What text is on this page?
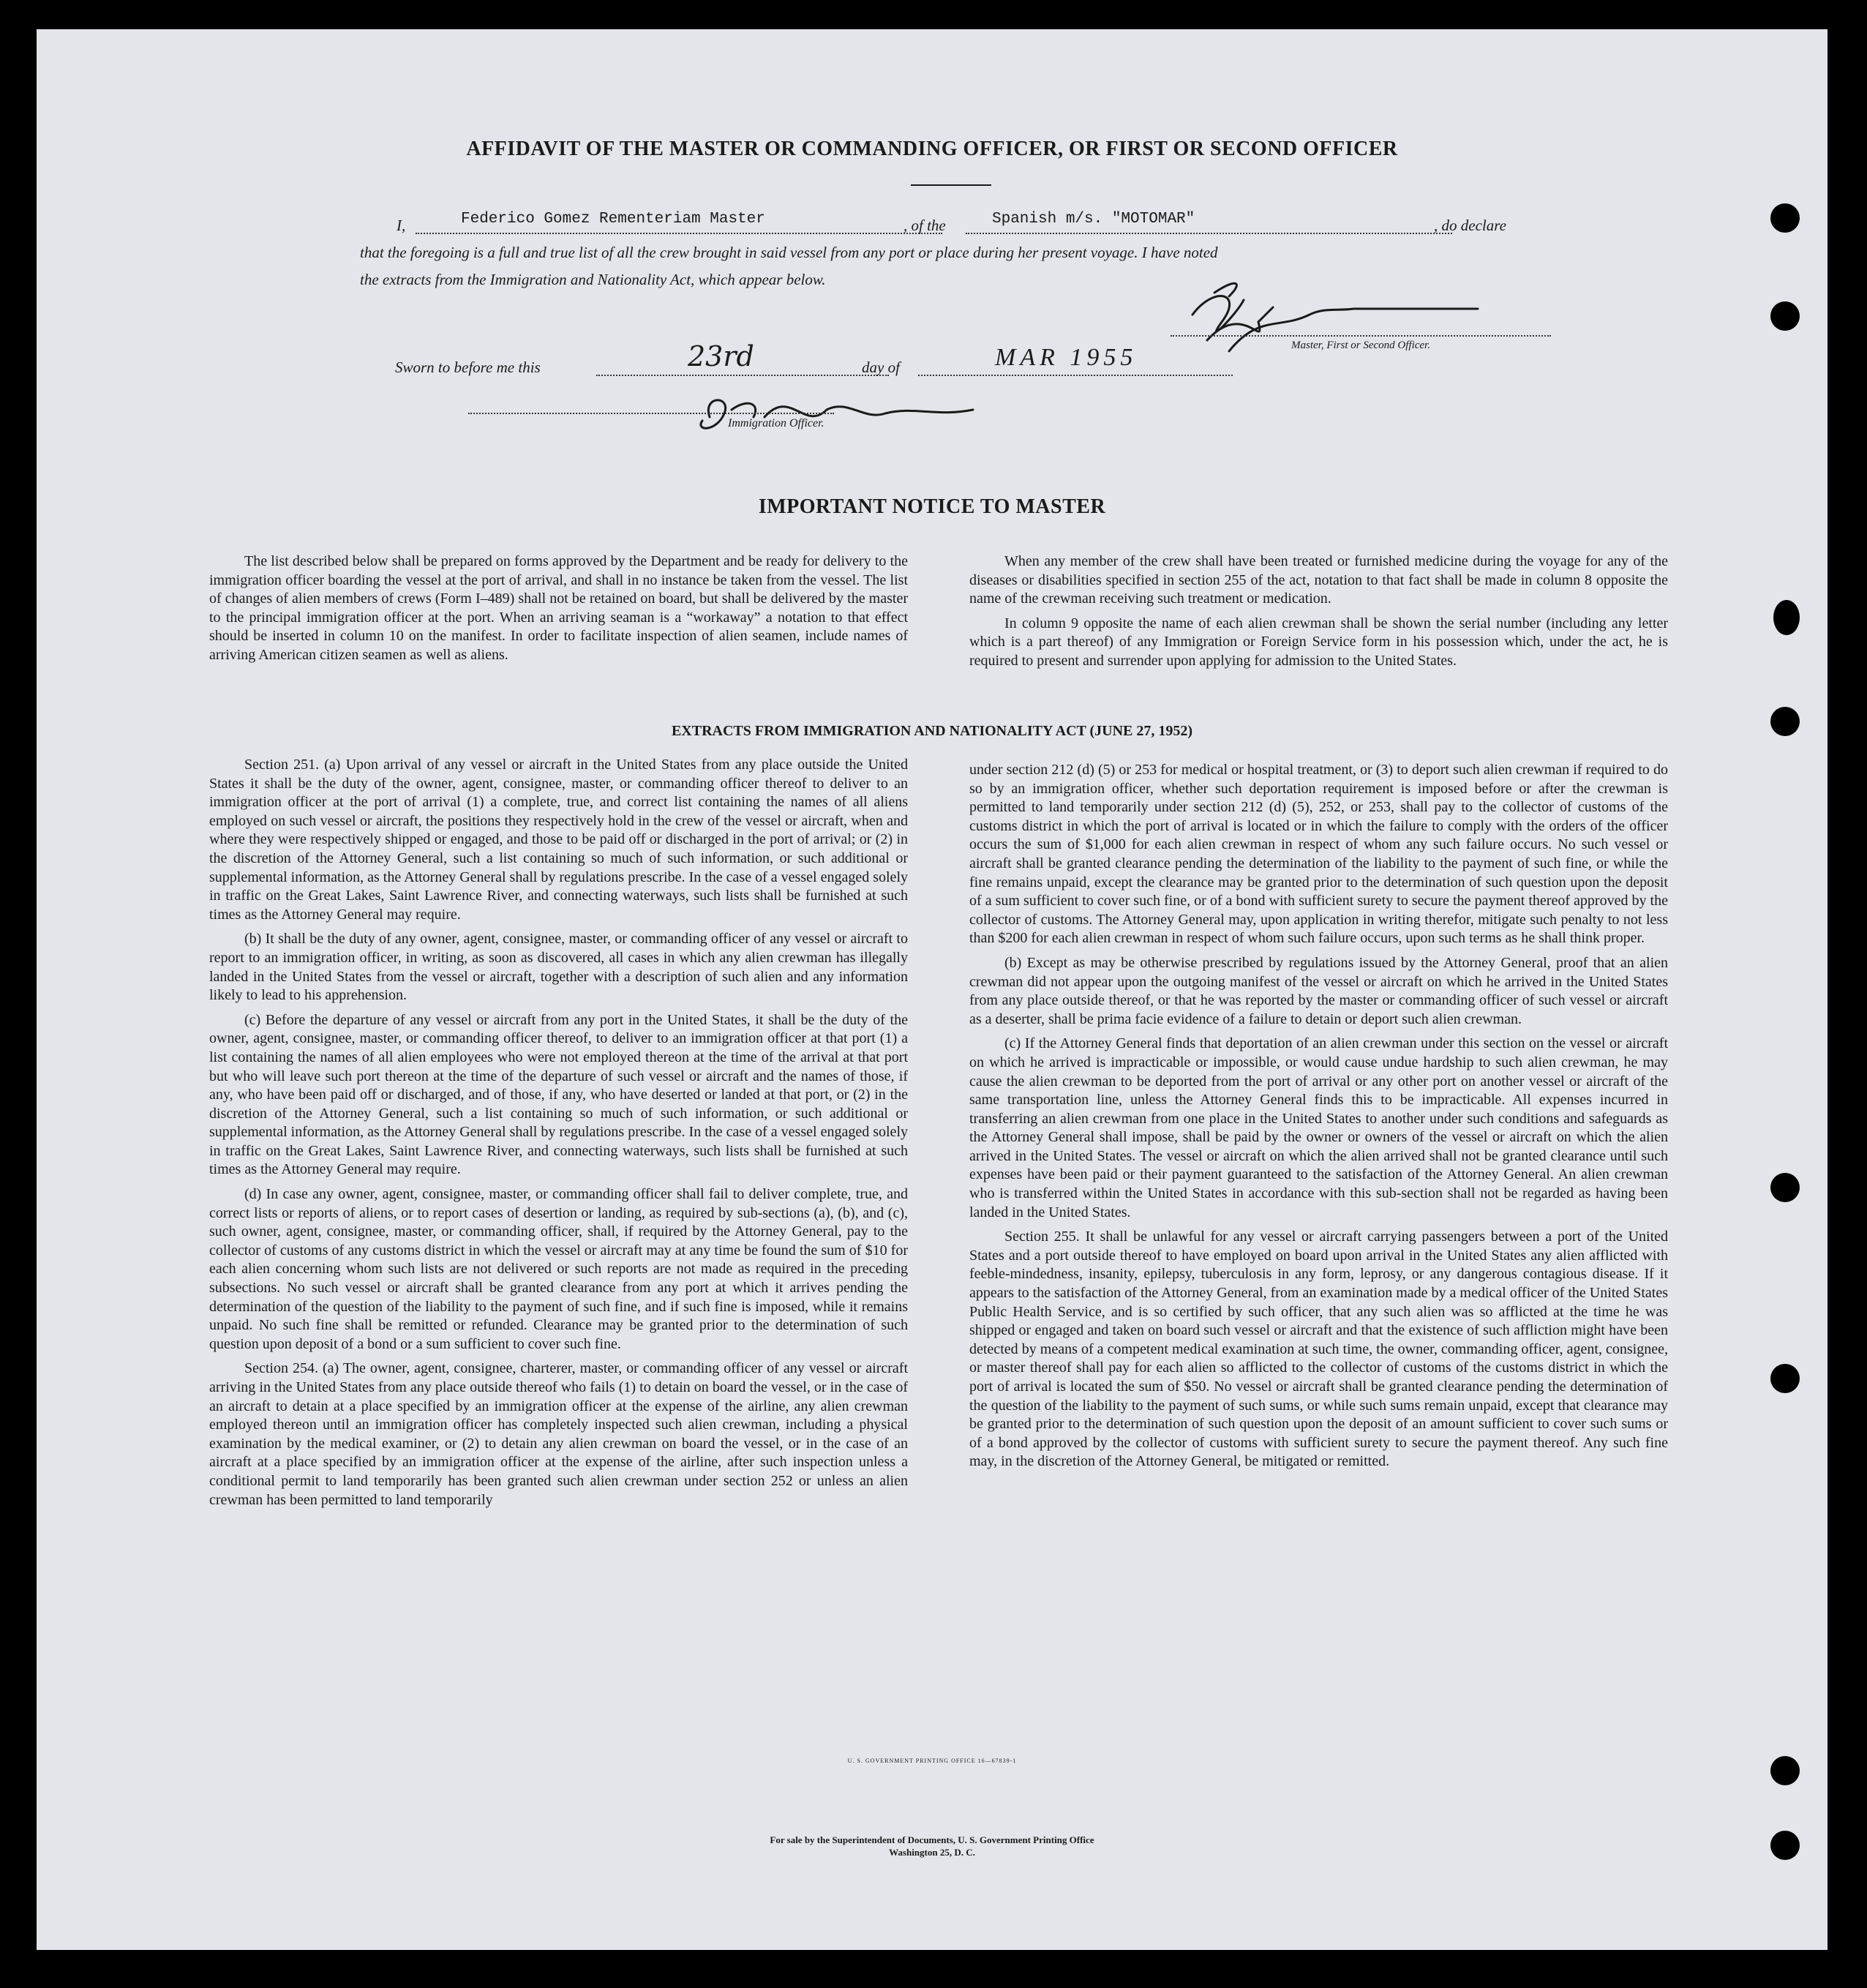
AFFIDAVIT OF THE MASTER OR COMMANDING OFFICER, OR FIRST OR SECOND OFFICER
I,	Federico Gomez Rementeriam Master	, of the	Spanish m/s. "MOTOMAR"	, do declare
that the foregoing is a full and true list of all the crew brought in said vessel from any port or place during her present voyage. I have noted
the extracts from the Immigration and Nationality Act, which appear below.
Master, First or Second Officer.
Sworn to before me this	23rd	day of	MAR 1955
Immigration Officer.
IMPORTANT NOTICE TO MASTER

The list described below shall be prepared on forms approved by the Department and be ready for delivery to the immigration officer boarding the vessel at the port of arrival, and shall in no instance be taken from the vessel. The list of changes of alien members of crews (Form I–489) shall not be retained on board, but shall be delivered by the master to the principal immigration officer at the port. When an arriving seaman is a “workaway” a notation to that effect should be inserted in column 10 on the manifest. In order to facilitate inspection of alien seamen, include names of arriving American citizen seamen as well as aliens.

When any member of the crew shall have been treated or furnished medicine during the voyage for any of the diseases or disabilities specified in section 255 of the act, notation to that fact shall be made in column 8 opposite the name of the crewman receiving such treatment or medication.

In column 9 opposite the name of each alien crewman shall be shown the serial number (including any letter which is a part thereof) of any Immigration or Foreign Service form in his possession which, under the act, he is required to present and surrender upon applying for admission to the United States.

EXTRACTS FROM IMMIGRATION AND NATIONALITY ACT (JUNE 27, 1952)

Section 251. (a) Upon arrival of any vessel or aircraft in the United States from any place outside the United States it shall be the duty of the owner, agent, consignee, master, or commanding officer thereof to deliver to an immigration officer at the port of arrival (1) a complete, true, and correct list containing the names of all aliens employed on such vessel or aircraft, the positions they respectively hold in the crew of the vessel or aircraft, when and where they were respectively shipped or engaged, and those to be paid off or discharged in the port of arrival; or (2) in the discretion of the Attorney General, such a list containing so much of such information, or such additional or supplemental information, as the Attorney General shall by regulations prescribe. In the case of a vessel engaged solely in traffic on the Great Lakes, Saint Lawrence River, and connecting waterways, such lists shall be furnished at such times as the Attorney General may require.

(b) It shall be the duty of any owner, agent, consignee, master, or commanding officer of any vessel or aircraft to report to an immigration officer, in writing, as soon as discovered, all cases in which any alien crewman has illegally landed in the United States from the vessel or aircraft, together with a description of such alien and any information likely to lead to his apprehension.

(c) Before the departure of any vessel or aircraft from any port in the United States, it shall be the duty of the owner, agent, consignee, master, or commanding officer thereof, to deliver to an immigration officer at that port (1) a list containing the names of all alien employees who were not employed thereon at the time of the arrival at that port but who will leave such port thereon at the time of the departure of such vessel or aircraft and the names of those, if any, who have been paid off or discharged, and of those, if any, who have deserted or landed at that port, or (2) in the discretion of the Attorney General, such a list containing so much of such information, or such additional or supplemental information, as the Attorney General shall by regulations prescribe. In the case of a vessel engaged solely in traffic on the Great Lakes, Saint Lawrence River, and connecting waterways, such lists shall be furnished at such times as the Attorney General may require.

(d) In case any owner, agent, consignee, master, or commanding officer shall fail to deliver complete, true, and correct lists or reports of aliens, or to report cases of desertion or landing, as required by sub-sections (a), (b), and (c), such owner, agent, consignee, master, or commanding officer, shall, if required by the Attorney General, pay to the collector of customs of any customs district in which the vessel or aircraft may at any time be found the sum of $10 for each alien concerning whom such lists are not delivered or such reports are not made as required in the preceding subsections. No such vessel or aircraft shall be granted clearance from any port at which it arrives pending the determination of the question of the liability to the payment of such fine, and if such fine is imposed, while it remains unpaid. No such fine shall be remitted or refunded. Clearance may be granted prior to the determination of such question upon deposit of a bond or a sum sufficient to cover such fine.

Section 254. (a) The owner, agent, consignee, charterer, master, or commanding officer of any vessel or aircraft arriving in the United States from any place outside thereof who fails (1) to detain on board the vessel, or in the case of an aircraft to detain at a place specified by an immigration officer at the expense of the airline, any alien crewman employed thereon until an immigration officer has completely inspected such alien crewman, including a physical examination by the medical examiner, or (2) to detain any alien crewman on board the vessel, or in the case of an aircraft at a place specified by an immigration officer at the expense of the airline, after such inspection unless a conditional permit to land temporarily has been granted such alien crewman under section 252 or unless an alien crewman has been permitted to land temporarily

under section 212 (d) (5) or 253 for medical or hospital treatment, or (3) to deport such alien crewman if required to do so by an immigration officer, whether such deportation requirement is imposed before or after the crewman is permitted to land temporarily under section 212 (d) (5), 252, or 253, shall pay to the collector of customs of the customs district in which the port of arrival is located or in which the failure to comply with the orders of the officer occurs the sum of $1,000 for each alien crewman in respect of whom any such failure occurs. No such vessel or aircraft shall be granted clearance pending the determination of the liability to the payment of such fine, or while the fine remains unpaid, except the clearance may be granted prior to the determination of such question upon the deposit of a sum sufficient to cover such fine, or of a bond with sufficient surety to secure the payment thereof approved by the collector of customs. The Attorney General may, upon application in writing therefor, mitigate such penalty to not less than $200 for each alien crewman in respect of whom such failure occurs, upon such terms as he shall think proper.

(b) Except as may be otherwise prescribed by regulations issued by the Attorney General, proof that an alien crewman did not appear upon the outgoing manifest of the vessel or aircraft on which he arrived in the United States from any place outside thereof, or that he was reported by the master or commanding officer of such vessel or aircraft as a deserter, shall be prima facie evidence of a failure to detain or deport such alien crewman.

(c) If the Attorney General finds that deportation of an alien crewman under this section on the vessel or aircraft on which he arrived is impracticable or impossible, or would cause undue hardship to such alien crewman, he may cause the alien crewman to be deported from the port of arrival or any other port on another vessel or aircraft of the same transportation line, unless the Attorney General finds this to be impracticable. All expenses incurred in transferring an alien crewman from one place in the United States to another under such conditions and safeguards as the Attorney General shall impose, shall be paid by the owner or owners of the vessel or aircraft on which the alien arrived in the United States. The vessel or aircraft on which the alien arrived shall not be granted clearance until such expenses have been paid or their payment guaranteed to the satisfaction of the Attorney General. An alien crewman who is transferred within the United States in accordance with this sub-section shall not be regarded as having been landed in the United States.

Section 255. It shall be unlawful for any vessel or aircraft carrying passengers between a port of the United States and a port outside thereof to have employed on board upon arrival in the United States any alien afflicted with feeble-mindedness, insanity, epilepsy, tuberculosis in any form, leprosy, or any dangerous contagious disease. If it appears to the satisfaction of the Attorney General, from an examination made by a medical officer of the United States Public Health Service, and is so certified by such officer, that any such alien was so afflicted at the time he was shipped or engaged and taken on board such vessel or aircraft and that the existence of such affliction might have been detected by means of a competent medical examination at such time, the owner, commanding officer, agent, consignee, or master thereof shall pay for each alien so afflicted to the collector of customs of the customs district in which the port of arrival is located the sum of $50. No vessel or aircraft shall be granted clearance pending the determination of the question of the liability to the payment of such sums, or while such sums remain unpaid, except that clearance may be granted prior to the determination of such question upon the deposit of an amount sufficient to cover such sums or of a bond approved by the collector of customs with sufficient surety to secure the payment thereof. Any such fine may, in the discretion of the Attorney General, be mitigated or remitted.

U. S. GOVERNMENT PRINTING OFFICE 16—67839-1
For sale by the Superintendent of Documents, U. S. Government Printing Office
Washington 25, D. C.
